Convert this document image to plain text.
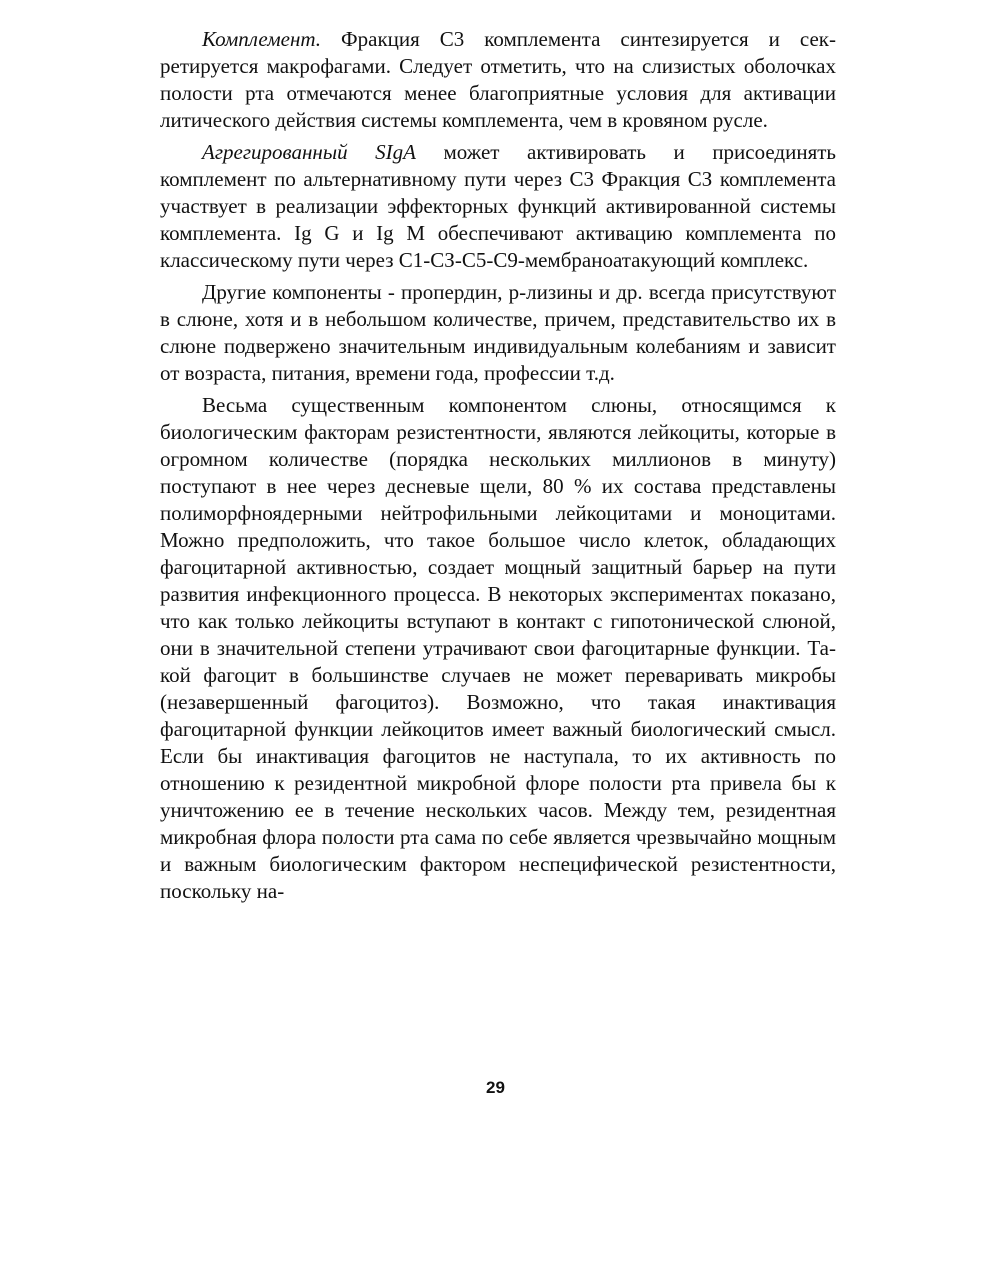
Комплемент. Фракция С3 комплемента синтезируется и секретируется макрофагами. Следует отметить, что на слизистых оболочках полости рта отмечаются менее благоприятные условия для активации литического действия системы комплемента, чем в кровяном русле.

Агрегированный SIgA может активировать и присоединять комплемент по альтернативному пути через С3 Фракция СЗ комплемента участвует в реализации эффекторных функций активированной системы комплемента. Ig G и Ig M обеспечивают активацию комплемента по классическому пути через С1-СЗ-С5-С9-мембраноатакующий комплекс.

Другие компоненты - пропердин, р-лизины и др. всегда присутствуют в слюне, хотя и в небольшом количестве, причем, представительство их в слюне подвержено значительным индивидуальным колебаниям и зависит от возраста, питания, времени года, профессии т.д.

Весьма существенным компонентом слюны, относящимся к биологическим факторам резистентности, являются лейкоциты, которые в огромном количестве (порядка нескольких миллионов в минуту) поступают в нее через десневые щели, 80 % их состава представлены полиморфноядерными нейтрофильными лейкоцитами и моноцитами. Можно предположить, что такое большое число клеток, обладающих фагоцитарной активностью, создает мощный защитный барьер на пути развития инфекционного процесса. В некоторых экспериментах показано, что как только лейкоциты вступают в контакт с гипотонической слюной, они в значительной степени утрачивают свои фагоцитарные функции. Такой фагоцит в большинстве случаев не может переваривать микробы (незавершенный фагоцитоз). Возможно, что такая инактивация фагоцитарной функции лейкоцитов имеет важный биологический смысл. Если бы инактивация фагоцитов не наступала, то их активность по отношению к резидентной микробной флоре полости рта привела бы к уничтожению ее в течение нескольких часов. Между тем, резидентная микробная флора полости рта сама по себе является чрезвычайно мощным и важным биологическим фактором неспецифической резистентности, поскольку на-

29
